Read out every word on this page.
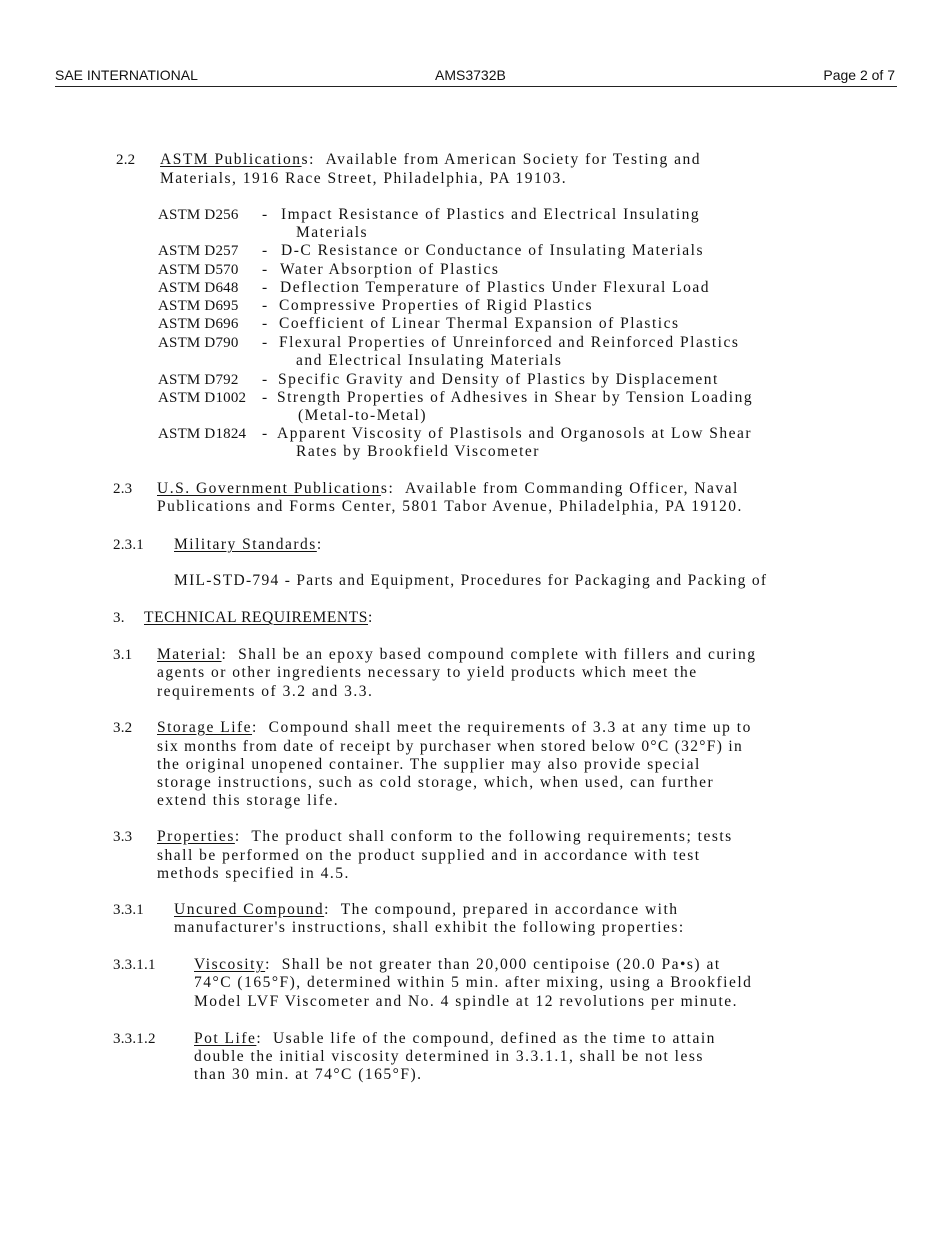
SAE INTERNATIONAL	AMS3732B	Page 2 of 7
2.2 ASTM Publications: Available from American Society for Testing and
Materials, 1916 Race Street, Philadelphia, PA 19103.
ASTM D256 - Impact Resistance of Plastics and Electrical Insulating
Materials
ASTM D257 - D-C Resistance or Conductance of Insulating Materials
ASTM D570 - Water Absorption of Plastics
ASTM D648 - Deflection Temperature of Plastics Under Flexural Load
ASTM D695 - Compressive Properties of Rigid Plastics
ASTM D696 - Coefficient of Linear Thermal Expansion of Plastics
ASTM D790 - Flexural Properties of Unreinforced and Reinforced Plastics
and Electrical Insulating Materials
ASTM D792 - Specific Gravity and Density of Plastics by Displacement
ASTM D1002 - Strength Properties of Adhesives in Shear by Tension Loading
(Metal-to-Metal)
ASTM D1824 - Apparent Viscosity of Plastisols and Organosols at Low Shear
Rates by Brookfield Viscometer
2.3 U.S. Government Publications: Available from Commanding Officer, Naval
Publications and Forms Center, 5801 Tabor Avenue, Philadelphia, PA 19120.
2.3.1 Military Standards:
MIL-STD-794 - Parts and Equipment, Procedures for Packaging and Packing of
3. TECHNICAL REQUIREMENTS:
3.1 Material: Shall be an epoxy based compound complete with fillers and curing
agents or other ingredients necessary to yield products which meet the
requirements of 3.2 and 3.3.
3.2 Storage Life: Compound shall meet the requirements of 3.3 at any time up to
six months from date of receipt by purchaser when stored below 0°C (32°F) in
the original unopened container. The supplier may also provide special
storage instructions, such as cold storage, which, when used, can further
extend this storage life.
3.3 Properties: The product shall conform to the following requirements; tests
shall be performed on the product supplied and in accordance with test
methods specified in 4.5.
3.3.1 Uncured Compound: The compound, prepared in accordance with
manufacturer's instructions, shall exhibit the following properties:
3.3.1.1 Viscosity: Shall be not greater than 20,000 centipoise (20.0 Pa•s) at
74°C (165°F), determined within 5 min. after mixing, using a Brookfield
Model LVF Viscometer and No. 4 spindle at 12 revolutions per minute.
3.3.1.2 Pot Life: Usable life of the compound, defined as the time to attain
double the initial viscosity determined in 3.3.1.1, shall be not less
than 30 min. at 74°C (165°F).
